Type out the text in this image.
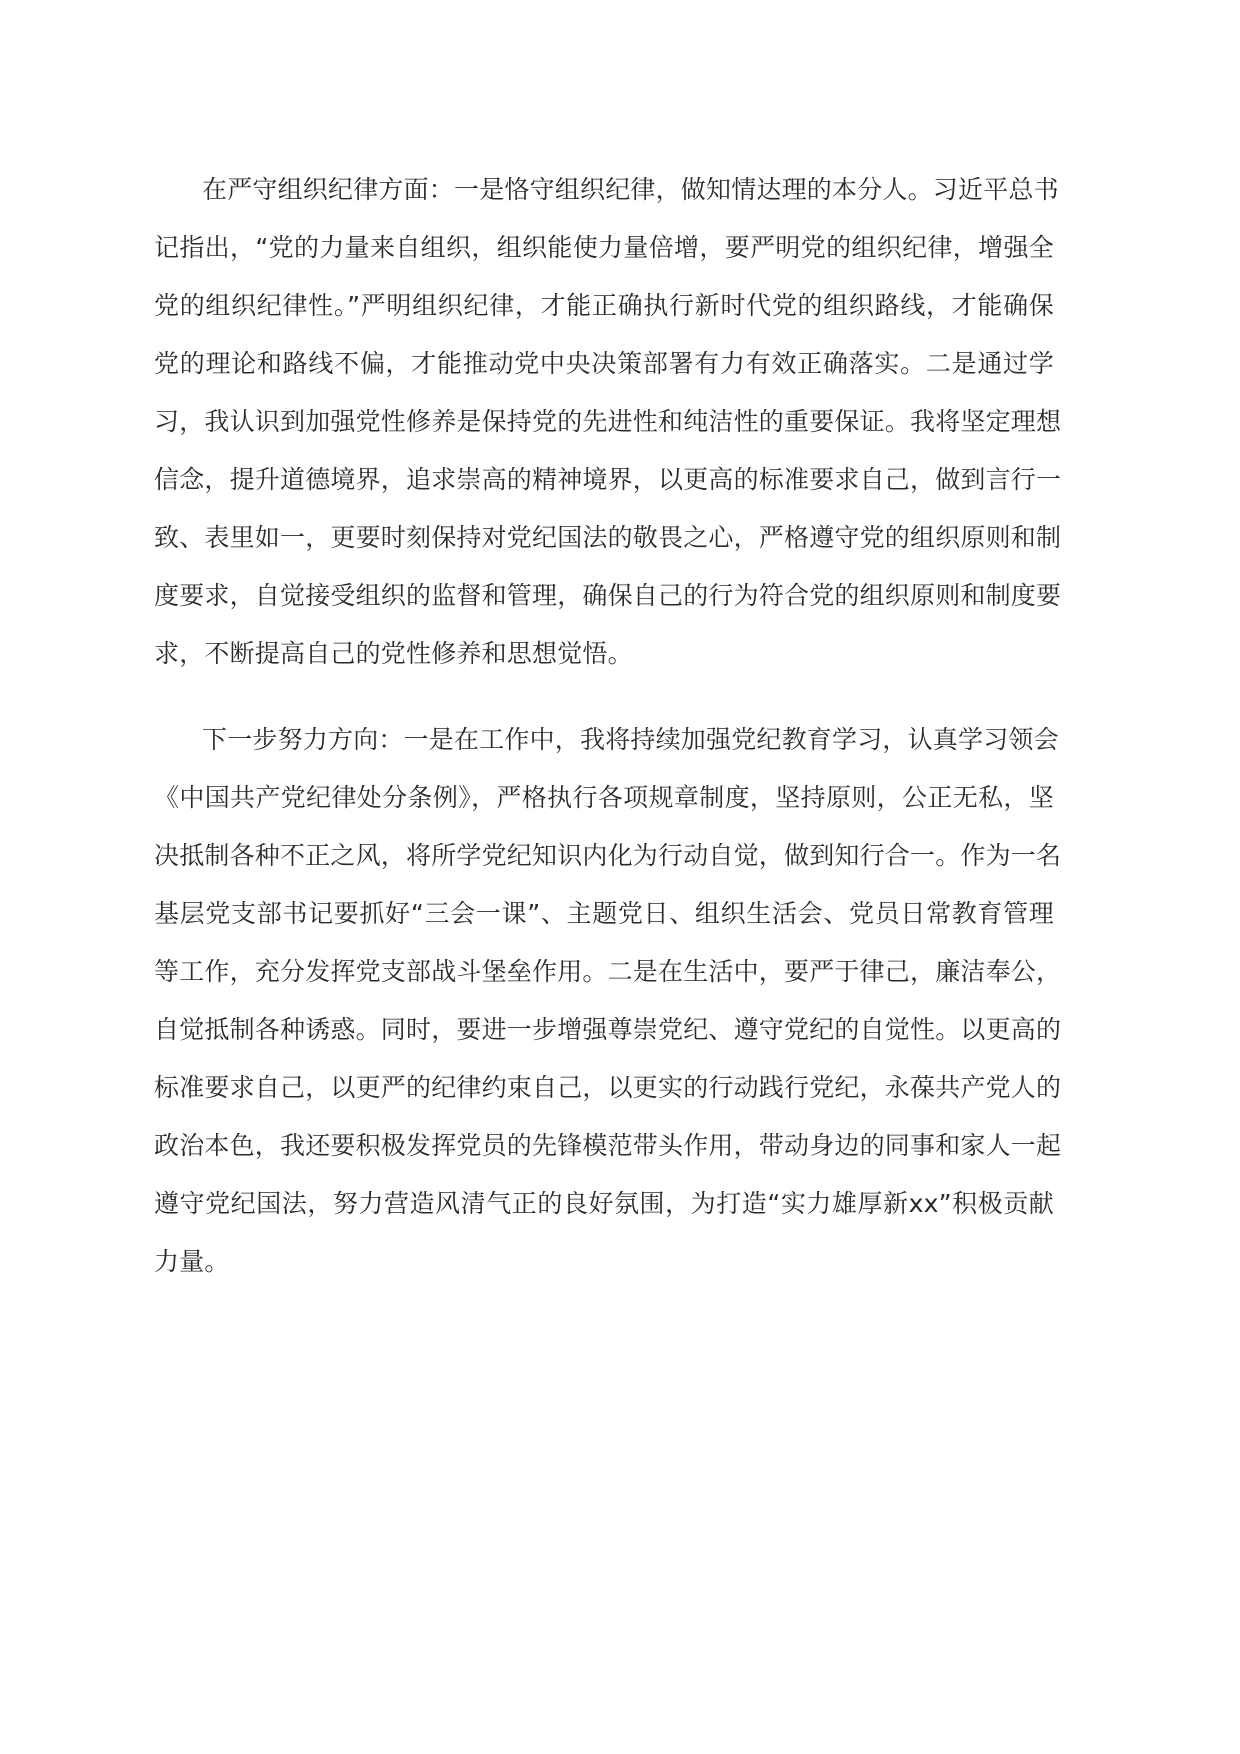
在严守组织纪律方面：一是恪守组织纪律，做知情达理的本分人。习近平总书
记指出，“党的力量来自组织，组织能使力量倍增，要严明党的组织纪律，增强全
党的组织纪律性。”严明组织纪律，才能正确执行新时代党的组织路线，才能确保
党的理论和路线不偏，才能推动党中央决策部署有力有效正确落实。二是通过学
习，我认识到加强党性修养是保持党的先进性和纯洁性的重要保证。我将坚定理想
信念，提升道德境界，追求崇高的精神境界，以更高的标准要求自己，做到言行一
致、表里如一，更要时刻保持对党纪国法的敬畏之心，严格遵守党的组织原则和制
度要求，自觉接受组织的监督和管理，确保自己的行为符合党的组织原则和制度要
求，不断提高自己的党性修养和思想觉悟。
下一步努力方向：一是在工作中，我将持续加强党纪教育学习，认真学习领会
《中国共产党纪律处分条例》，严格执行各项规章制度，坚持原则，公正无私，坚
决抵制各种不正之风，将所学党纪知识内化为行动自觉，做到知行合一。作为一名
基层党支部书记要抓好“三会一课”、主题党日、组织生活会、党员日常教育管理
等工作，充分发挥党支部战斗堡垒作用。二是在生活中，要严于律己，廉洁奉公，
自觉抵制各种诱惑。同时，要进一步增强尊崇党纪、遵守党纪的自觉性。以更高的
标准要求自己，以更严的纪律约束自己，以更实的行动践行党纪，永葆共产党人的
政治本色，我还要积极发挥党员的先锋模范带头作用，带动身边的同事和家人一起
遵守党纪国法，努力营造风清气正的良好氛围，为打造“实力雄厚新xx”积极贡献
力量。
